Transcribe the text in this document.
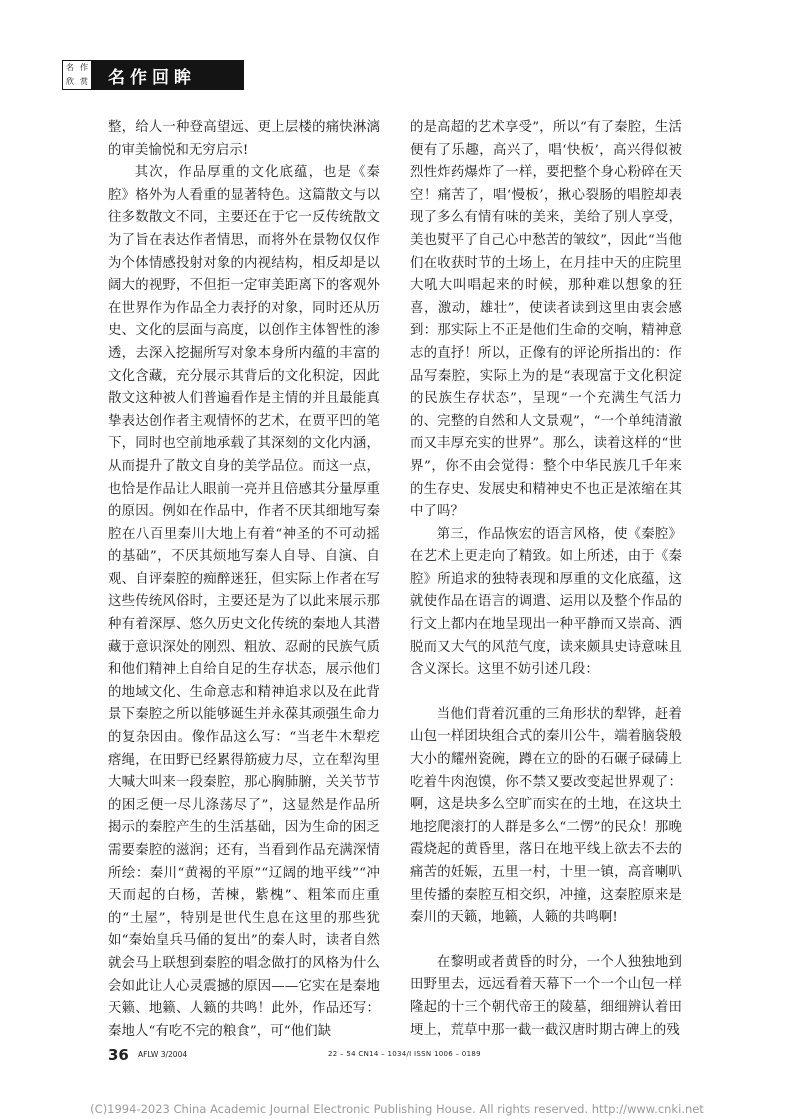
名 作
欣 赏 名作回眸

整，给人一种登高望远、更上层楼的痛快淋漓的审美愉悦和无穷启示!

其次，作品厚重的文化底蕴，也是《秦腔》格外为人看重的显著特色。这篇散文与以往多数散文不同，主要还在于它一反传统散文为了旨在表达作者情思，而将外在景物仅仅作为个体情感投射对象的内视结构，相反却是以阔大的视野，不但拒一定审美距离下的客观外在世界作为作品全力表抒的对象，同时还从历史、文化的层面与高度，以创作主体智性的渗透，去深入挖掘所写对象本身所内蕴的丰富的文化含藏，充分展示其背后的文化积淀，因此散文这种被人们普遍看作是主情的并且最能真挚表达创作者主观情怀的艺术，在贾平凹的笔下，同时也空前地承载了其深刻的文化内涵，从而提升了散文自身的美学品位。而这一点，也恰是作品让人眼前一亮并且倍感其分量厚重的原因。例如在作品中，作者不厌其细地写秦腔在八百里秦川大地上有着“神圣的不可动摇的基础”，不厌其烦地写秦人自导、自演、自观、自评秦腔的痴醉迷狂，但实际上作者在写这些传统风俗时，主要还是为了以此来展示那种有着深厚、悠久历史文化传统的秦地人其潜藏于意识深处的刚烈、粗放、忍耐的民族气质和他们精神上自给自足的生存状态，展示他们的地域文化、生命意志和精神追求以及在此背景下秦腔之所以能够诞生并永葆其顽强生命力的复杂因由。像作品这么写：“当老牛木犁疙瘩绳，在田野已经累得筋疲力尽，立在犁沟里大喊大叫来一段秦腔，那心胸肺腑，关关节节的困乏便一尽儿涤荡尽了”，这显然是作品所揭示的秦腔产生的生活基础，因为生命的困乏需要秦腔的滋润；还有，当看到作品充满深情所绘：秦川“黄褐的平原”“辽阔的地平线”“冲天而起的白杨，苦楝，紫槐”、粗笨而庄重的“土屋”，特别是世代生息在这里的那些犹如“秦始皇兵马俑的复出”的秦人时，读者自然就会马上联想到秦腔的唱念做打的风格为什么会如此让人心灵震撼的原因——它实在是秦地天籁、地籁、人籁的共鸣！此外，作品还写：秦地人“有吃不完的粮食”，可“他们缺

的是高超的艺术享受”，所以“有了秦腔，生活便有了乐趣，高兴了，唱‘快板’，高兴得似被烈性炸药爆炸了一样，要把整个身心粉碎在天空！痛苦了，唱‘慢板’，揪心裂肠的唱腔却表现了多么有情有味的美来，美给了别人享受，美也熨平了自己心中愁苦的皱纹”，因此“当他们在收获时节的土场上，在月挂中天的庄院里大吼大叫唱起来的时候，那种难以想象的狂喜，激动，雄壮”，使读者读到这里由衷会感到：那实际上不正是他们生命的交响，精神意志的直抒！所以，正像有的评论所指出的：作品写秦腔，实际上为的是“表现富于文化积淀的民族生存状态”，呈现“一个充满生气活力的、完整的自然和人文景观”，“一个单纯清澈而又丰厚充实的世界”。那么，读着这样的“世界”，你不由会觉得：整个中华民族几千年来的生存史、发展史和精神史不也正是浓缩在其中了吗？

第三，作品恢宏的语言风格，使《秦腔》在艺术上更走向了精致。如上所述，由于《秦腔》所追求的独特表现和厚重的文化底蕴，这就使作品在语言的调遣、运用以及整个作品的行文上都内在地呈现出一种平静而又崇高、洒脱而又大气的风范气度，读来颇具史诗意味且含义深长。这里不妨引述几段：

当他们背着沉重的三角形状的犁铧，赶着山包一样团块组合式的秦川公牛，端着脑袋般大小的耀州瓷碗，蹲在立的卧的石碾子碌碡上吃着牛肉泡馍，你不禁又要改变起世界观了：啊，这是块多么空旷而实在的土地，在这块土地挖爬滚打的人群是多么“二愣”的民众！那晚霞烧起的黄昏里，落日在地平线上欲去不去的痛苦的妊娠，五里一村，十里一镇，高音喇叭里传播的秦腔互相交织，冲撞，这秦腔原来是秦川的天籁，地籁，人籁的共鸣啊!

在黎明或者黄昏的时分，一个人独独地到田野里去，远远看着天幕下一个一个山包一样隆起的十三个朝代帝王的陵墓，细细辨认着田埂上，荒草中那一截一截汉唐时期古碑上的残

36 AFLW 3/2004	22 – 54 CN14 – 1034/I ISSN 1006 – 0189
(C)1994-2023 China Academic Journal Electronic Publishing House. All rights reserved. http://www.cnki.net
